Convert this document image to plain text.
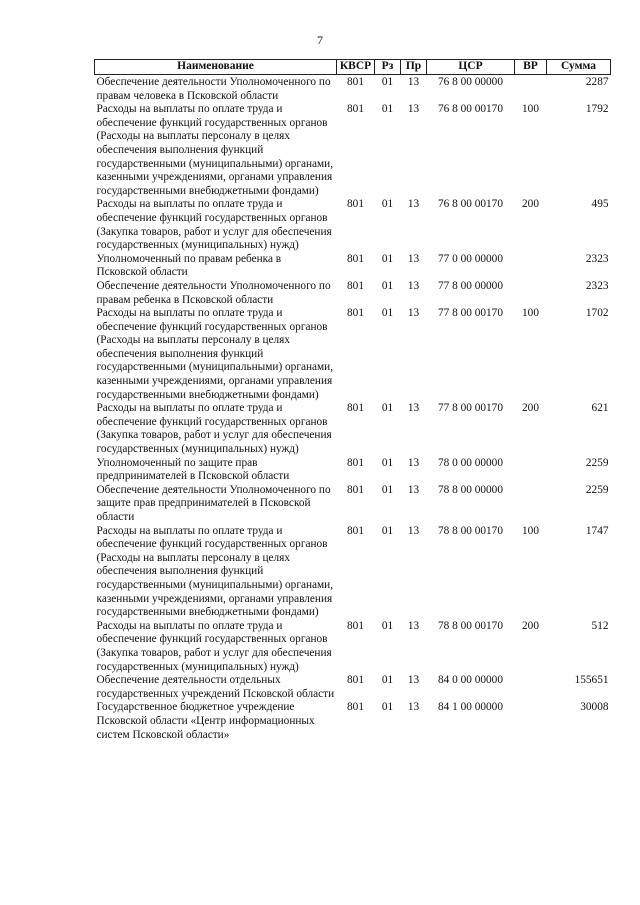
7
Наименование	КВСР	Рз	Пр	ЦСР	ВР	Сумма
Обеспечение деятельности Уполномоченного по правам человека в Псковской области	801	01	13	76 8 00 00000		2287
Расходы на выплаты по оплате труда и обеспечение функций государственных органов (Расходы на выплаты персоналу в целях обеспечения выполнения функций государственными (муниципальными) органами, казенными учреждениями, органами управления государственными внебюджетными фондами)	801	01	13	76 8 00 00170	100	1792
Расходы на выплаты по оплате труда и обеспечение функций государственных органов (Закупка товаров, работ и услуг для обеспечения государственных (муниципальных) нужд)	801	01	13	76 8 00 00170	200	495
Уполномоченный по правам ребенка в Псковской области	801	01	13	77 0 00 00000		2323
Обеспечение деятельности Уполномоченного по правам ребенка в Псковской области	801	01	13	77 8 00 00000		2323
Расходы на выплаты по оплате труда и обеспечение функций государственных органов (Расходы на выплаты персоналу в целях обеспечения выполнения функций государственными (муниципальными) органами, казенными учреждениями, органами управления государственными внебюджетными фондами)	801	01	13	77 8 00 00170	100	1702
Расходы на выплаты по оплате труда и обеспечение функций государственных органов (Закупка товаров, работ и услуг для обеспечения государственных (муниципальных) нужд)	801	01	13	77 8 00 00170	200	621
Уполномоченный по защите прав предпринимателей в Псковской области	801	01	13	78 0 00 00000		2259
Обеспечение деятельности Уполномоченного по защите прав предпринимателей в Псковской области	801	01	13	78 8 00 00000		2259
Расходы на выплаты по оплате труда и обеспечение функций государственных органов (Расходы на выплаты персоналу в целях обеспечения выполнения функций государственными (муниципальными) органами, казенными учреждениями, органами управления государственными внебюджетными фондами)	801	01	13	78 8 00 00170	100	1747
Расходы на выплаты по оплате труда и обеспечение функций государственных органов (Закупка товаров, работ и услуг для обеспечения государственных (муниципальных) нужд)	801	01	13	78 8 00 00170	200	512
Обеспечение деятельности отдельных государственных учреждений Псковской области	801	01	13	84 0 00 00000		155651
Государственное бюджетное учреждение Псковской области «Центр информационных систем Псковской области»	801	01	13	84 1 00 00000		30008
